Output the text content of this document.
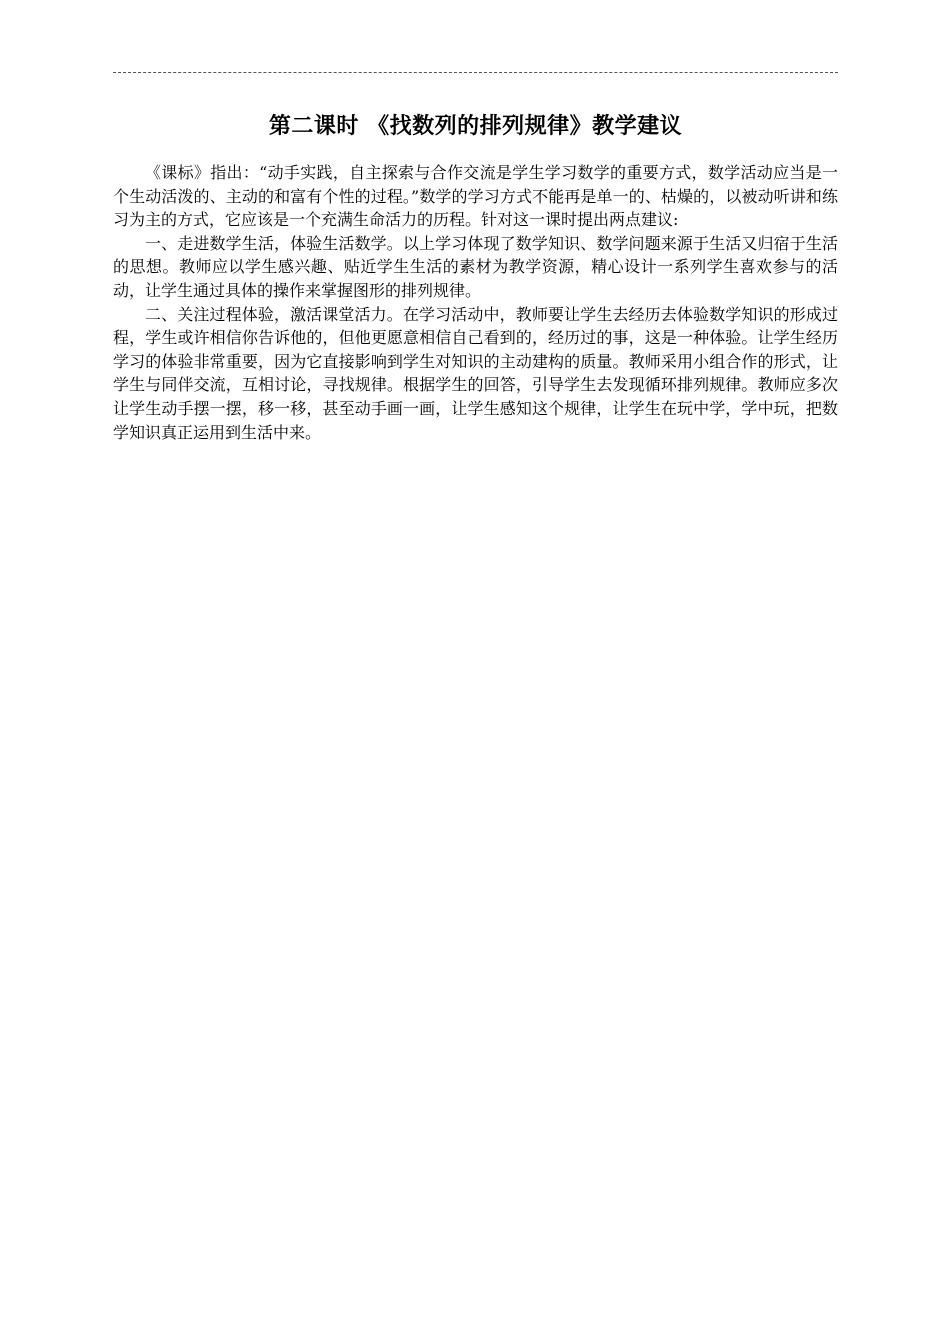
第二课时 《找数列的排列规律》教学建议

《课标》指出：“动手实践，自主探索与合作交流是学生学习数学的重要方式，数学活动应当是一个生动活泼的、主动的和富有个性的过程。”数学的学习方式不能再是单一的、枯燥的，以被动听讲和练习为主的方式，它应该是一个充满生命活力的历程。针对这一课时提出两点建议:

一、走进数学生活，体验生活数学。以上学习体现了数学知识、数学问题来源于生活又归宿于生活的思想。教师应以学生感兴趣、贴近学生生活的素材为教学资源，精心设计一系列学生喜欢参与的活动，让学生通过具体的操作来掌握图形的排列规律。

二、关注过程体验，激活课堂活力。在学习活动中，教师要让学生去经历去体验数学知识的形成过程，学生或许相信你告诉他的，但他更愿意相信自己看到的，经历过的事，这是一种体验。让学生经历学习的体验非常重要，因为它直接影响到学生对知识的主动建构的质量。教师采用小组合作的形式，让学生与同伴交流，互相讨论，寻找规律。根据学生的回答，引导学生去发现循环排列规律。教师应多次让学生动手摆一摆，移一移，甚至动手画一画，让学生感知这个规律，让学生在玩中学，学中玩，把数学知识真正运用到生活中来。
